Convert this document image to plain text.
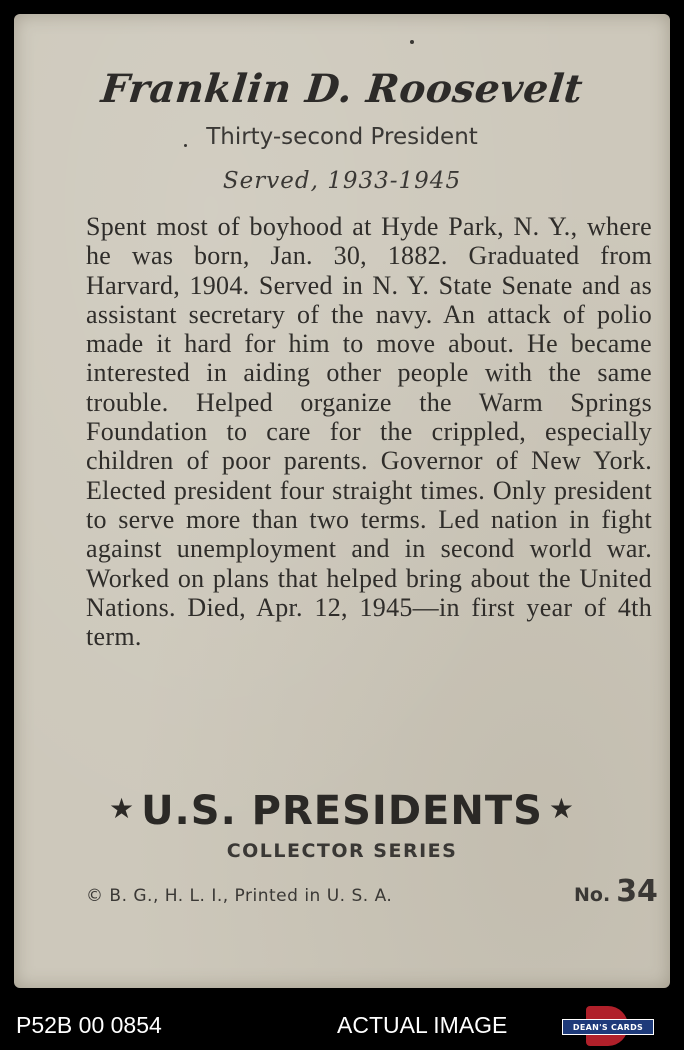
Franklin D. Roosevelt
Thirty-second President
Served, 1933-1945

Spent most of boyhood at Hyde Park, N. Y., where he was born, Jan. 30, 1882. Graduated from Harvard, 1904. Served in N. Y. State Senate and as assistant secretary of the navy. An attack of polio made it hard for him to move about. He became interested in aiding other people with the same trouble. Helped organize the Warm Springs Foundation to care for the crippled, especially children of poor parents. Governor of New York. Elected president four straight times. Only president to serve more than two terms. Led nation in fight against unemployment and in second world war. Worked on plans that helped bring about the United Nations. Died, Apr. 12, 1945—in first year of 4th term.

★ U.S. PRESIDENTS ★
COLLECTOR SERIES
© B. G., H. L. I., Printed in U. S. A.	No. 34
P52B 00 0854	ACTUAL IMAGE	DEAN'S CARDS
